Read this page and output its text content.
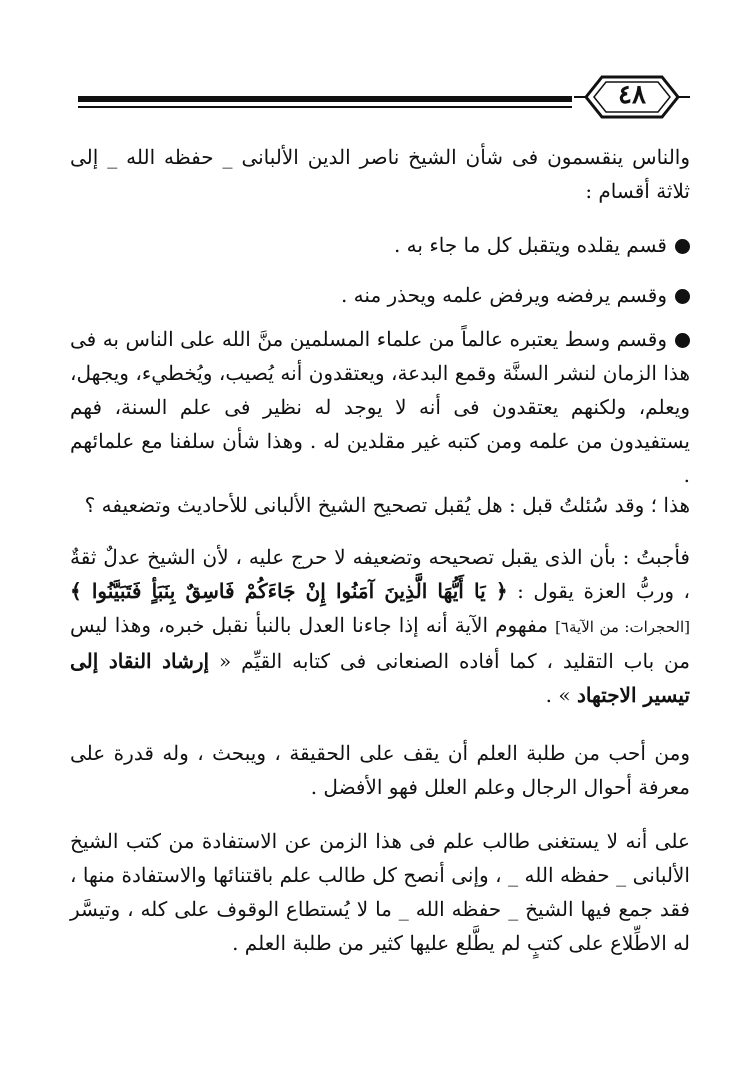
٤٨

والناس ينقسمون فى شأن الشيخ ناصر الدين الألبانى _ حفظه الله _ إلى ثلاثة أقسام :

قسم يقلده ويتقبل كل ما جاء به .
وقسم يرفضه ويرفض علمه ويحذر منه .

وقسم وسط يعتبره عالماً من علماء المسلمين منَّ الله على الناس به فى هذا الزمان لنشر السنَّة وقمع البدعة، ويعتقدون أنه يُصيب، ويُخطيء، ويجهل، ويعلم، ولكنهم يعتقدون فى أنه لا يوجد له نظير فى علم السنة، فهم يستفيدون من علمه ومن كتبه غير مقلدين له . وهذا شأن سلفنا مع علمائهم .

هذا ؛ وقد سُئلتُ قبل : هل يُقبل تصحيح الشيخ الألبانى للأحاديث وتضعيفه ؟

فأجبتُ : بأن الذى يقبل تصحيحه وتضعيفه لا حرج عليه ، لأن الشيخ عدلٌ ثقةٌ ، وربُّ العزة يقول : ﴿ يَا أَيُّهَا الَّذِينَ آمَنُوا إِنْ جَاءَكُمْ فَاسِقٌ بِنَبَأٍ فَتَبَيَّنُوا ﴾ [الحجرات: من الآية٦] مفهوم الآية أنه إذا جاءنا العدل بالنبأ نقبل خبره، وهذا ليس من باب التقليد ، كما أفاده الصنعانى فى كتابه القيِّم « إرشاد النقاد إلى تيسير الاجتهاد » .

ومن أحب من طلبة العلم أن يقف على الحقيقة ، ويبحث ، وله قدرة على معرفة أحوال الرجال وعلم العلل فهو الأفضل .

على أنه لا يستغنى طالب علم فى هذا الزمن عن الاستفادة من كتب الشيخ الألبانى _ حفظه الله _ ، وإنى أنصح كل طالب علم باقتنائها والاستفادة منها ، فقد جمع فيها الشيخ _ حفظه الله _ ما لا يُستطاع الوقوف على كله ، وتيسَّر له الاطِّلاع على كتبٍ لم يطَّلع عليها كثير من طلبة العلم .
